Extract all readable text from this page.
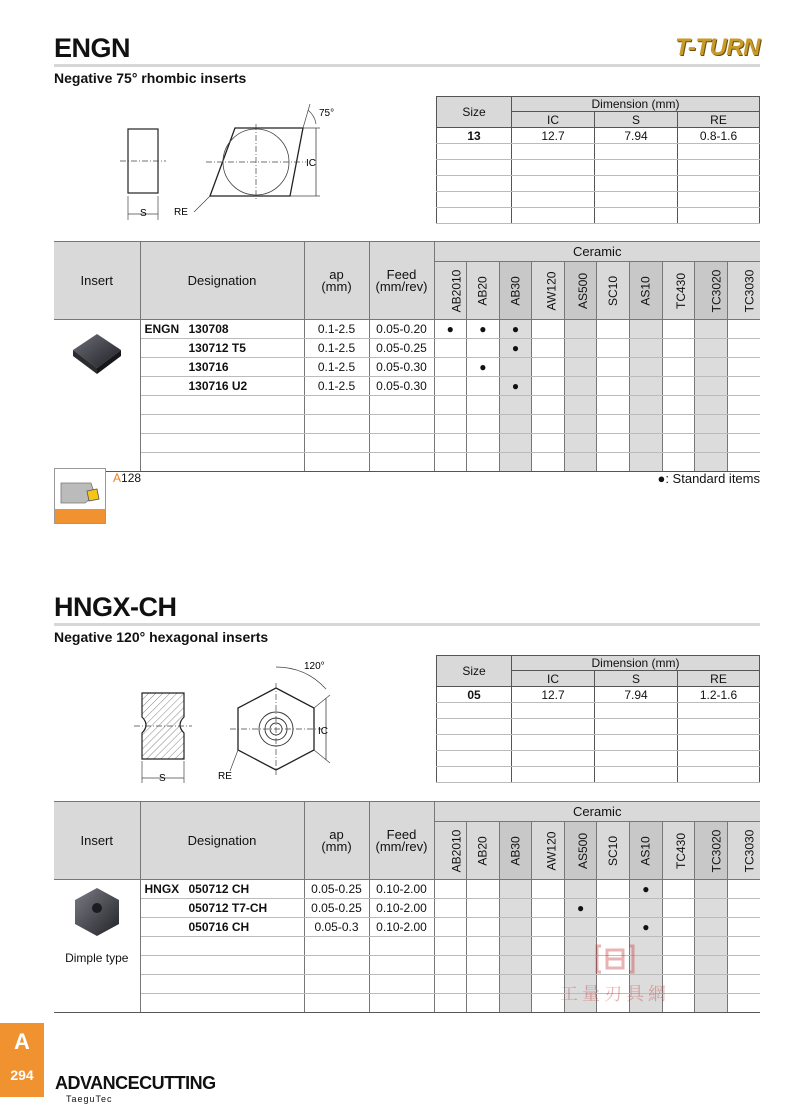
T-TURN
ENGN
Negative 75° rhombic inserts
S
IC
75°
RE
Size	Dimension (mm)		
	IC	S	RE
13	12.7	7.94	0.8-1.6

Insert	Designation	ap
(mm)	Feed
(mm/rev)	Ceramic									
				AB2010	AB20	AB30	AW120	AS500	SC10	AS10	TC430	TC3020	TC3030
	ENGN 130708	0.1-2.5	0.05-0.20	●	●	●							
	130712 T5	0.1-2.5	0.05-0.25			●							
	130716	0.1-2.5	0.05-0.30		●								
	130716 U2	0.1-2.5	0.05-0.30			●							

A128	●: Standard items
HNGX-CH
Negative 120° hexagonal inserts
S
IC
120°
RE
Size	Dimension (mm)		
	IC	S	RE
05	12.7	7.94	1.2-1.6

Insert	Designation	ap
(mm)	Feed
(mm/rev)	Ceramic									
				AB2010	AB20	AB30	AW120	AS500	SC10	AS10	TC430	TC3020	TC3030

Dimple type	HNGX 050712 CH	0.05-0.25	0.10-2.00							●			
	050712 T7-CH	0.05-0.25	0.10-2.00					●					
	050716 CH	0.05-0.3	0.10-2.00							●			

工量刃具網
A
294	ADVANCECUTTING
TaeguTec
